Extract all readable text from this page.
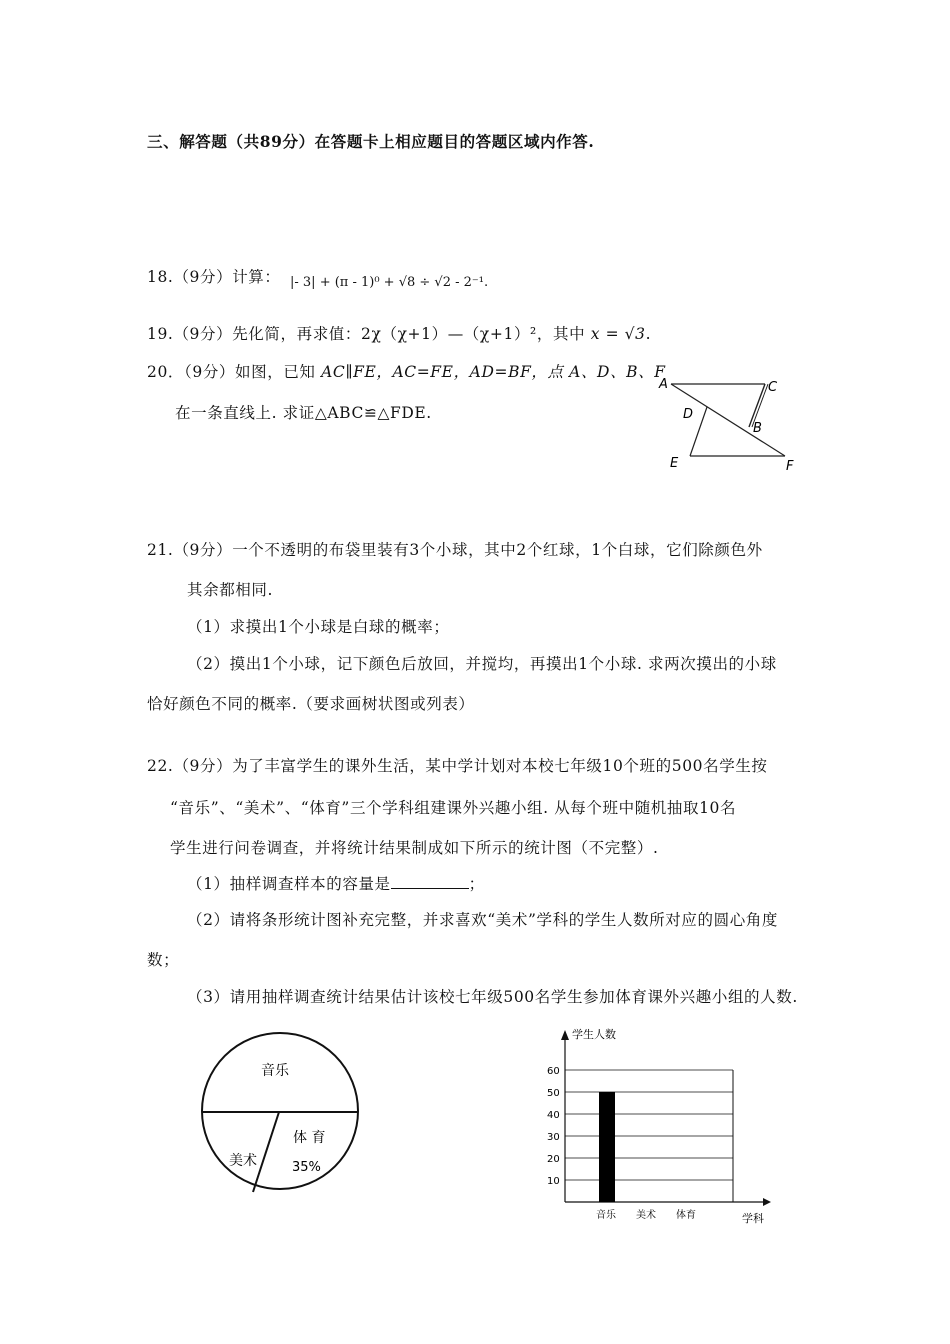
三、解答题（共89分）在答题卡上相应题目的答题区域内作答.
18.（9分）计算： |- 3| + (π - 1)⁰ + √8 ÷ √2 - 2⁻¹.
19.（9分）先化简，再求值：2χ（χ+1）—（χ+1）²，其中 x = √3.
20．（9分）如图，已知 AC∥FE，AC=FE，AD=BF，点 A、D、B、F
在一条直线上. 求证△ABC≌△FDE.
A	C
D
B
E	F
21.（9分）一个不透明的布袋里装有3个小球，其中2个红球，1个白球，它们除颜色外
其余都相同.
（1）求摸出1个小球是白球的概率；
（2）摸出1个小球，记下颜色后放回，并搅均，再摸出1个小球. 求两次摸出的小球
恰好颜色不同的概率.（要求画树状图或列表）
22.（9分）为了丰富学生的课外生活，某中学计划对本校七年级10个班的500名学生按
“音乐”、“美术”、“体育”三个学科组建课外兴趣小组. 从每个班中随机抽取10名
学生进行问卷调查，并将统计结果制成如下所示的统计图（不完整）.
（1）抽样调查样本的容量是	；
（2）请将条形统计图补充完整，并求喜欢“美术”学科的学生人数所对应的圆心角度
数；
（3）请用抽样调查统计结果估计该校七年级500名学生参加体育课外兴趣小组的人数.
音乐
美术
体 育
35%
学生人数
学科
10
20
30
40
50
60
音乐 美术 体育
